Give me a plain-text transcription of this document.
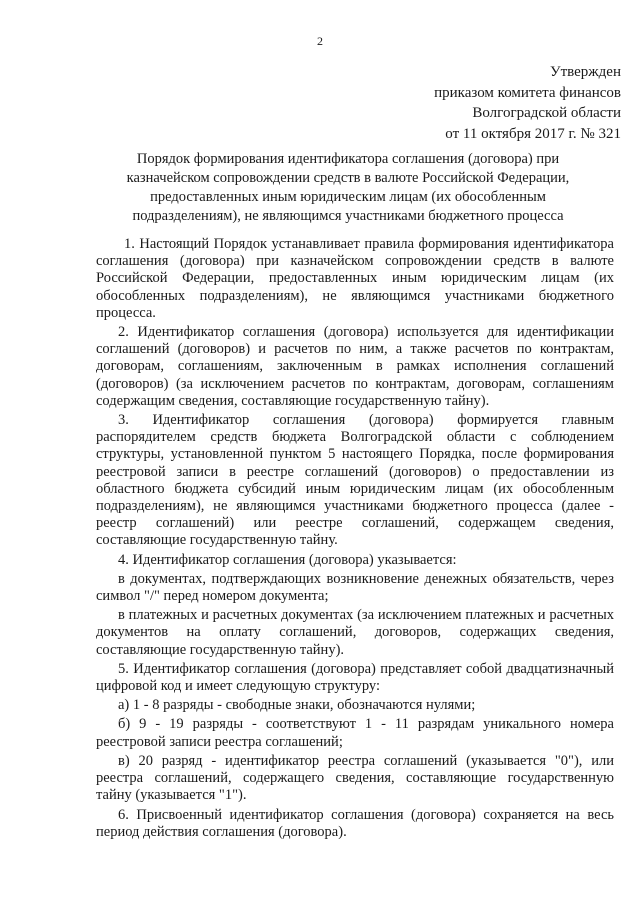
2
Утвержден
приказом комитета финансов
Волгоградской области
от 11 октября 2017 г. № 321
Порядок формирования идентификатора соглашения (договора) при
казначейском сопровождении средств в валюте Российской Федерации,
предоставленных иным юридическим лицам (их обособленным
подразделениям), не являющимся участниками бюджетного процесса

1. Настоящий Порядок устанавливает правила формирования идентификатора соглашения (договора) при казначейском сопровождении средств в валюте Российской Федерации, предоставленных иным юридическим лицам (их обособленных подразделениям), не являющимся участниками бюджетного процесса.

2. Идентификатор соглашения (договора) используется для идентификации соглашений (договоров) и расчетов по ним, а также расчетов по контрактам, договорам, соглашениям, заключенным в рамках исполнения соглашений (договоров) (за исключением расчетов по контрактам, договорам, соглашениям содержащим сведения, составляющие государственную тайну).

3. Идентификатор соглашения (договора) формируется главным распорядителем средств бюджета Волгоградской области с соблюдением структуры, установленной пунктом 5 настоящего Порядка, после формирования реестровой записи в реестре соглашений (договоров) о предоставлении из областного бюджета субсидий иным юридическим лицам (их обособленным подразделениям), не являющимся участниками бюджетного процесса (далее - реестр соглашений) или реестре соглашений, содержащем сведения, составляющие государственную тайну.

4. Идентификатор соглашения (договора) указывается:

в документах, подтверждающих возникновение денежных обязательств, через символ "/" перед номером документа;

в платежных и расчетных документах (за исключением платежных и расчетных документов на оплату соглашений, договоров, содержащих сведения, составляющие государственную тайну).

5. Идентификатор соглашения (договора) представляет собой двадцатизначный цифровой код и имеет следующую структуру:

а) 1 - 8 разряды - свободные знаки, обозначаются нулями;

б) 9 - 19 разряды - соответствуют 1 - 11 разрядам уникального номера реестровой записи реестра соглашений;

в) 20 разряд - идентификатор реестра соглашений (указывается "0"), или реестра соглашений, содержащего сведения, составляющие государственную тайну (указывается "1").

6. Присвоенный идентификатор соглашения (договора) сохраняется на весь период действия соглашения (договора).
